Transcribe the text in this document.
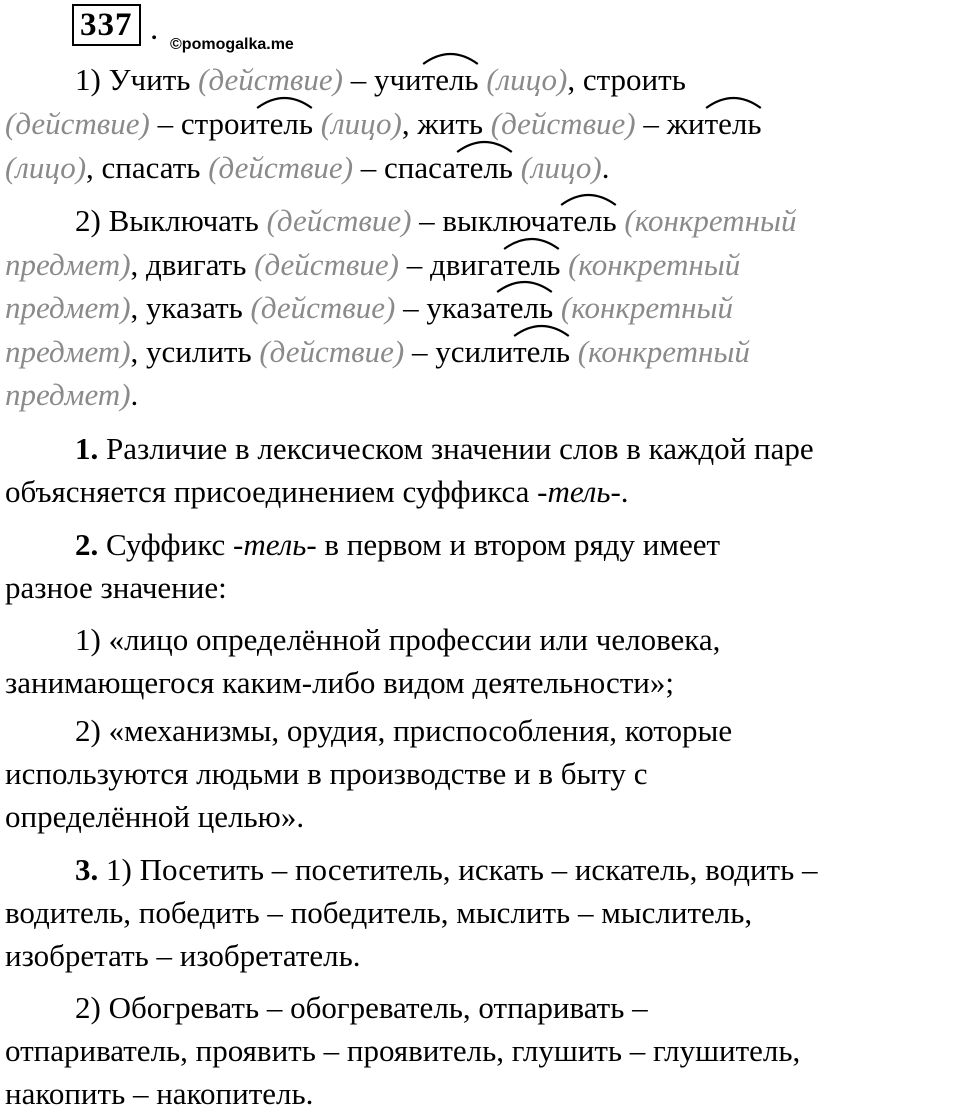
337 . ©pomogalka.me
1) Учить (действие) – учитель (лицо), строить
(действие) – строитель (лицо), жить (действие) – житель
(лицо), спасать (действие) – спасатель (лицо).
2) Выключать (действие) – выключатель (конкретный
предмет), двигать (действие) – двигатель (конкретный
предмет), указать (действие) – указатель (конкретный
предмет), усилить (действие) – усилитель (конкретный
предмет).
1. Различие в лексическом значении слов в каждой паре
объясняется присоединением суффикса -тель-.
2. Суффикс -тель- в первом и втором ряду имеет
разное значение:
1) «лицо определённой профессии или человека,
занимающегося каким-либо видом деятельности»;
2) «механизмы, орудия, приспособления, которые
используются людьми в производстве и в быту с
определённой целью».
3. 1) Посетить – посетитель, искать – искатель, водить –
водитель, победить – победитель, мыслить – мыслитель,
изобретать – изобретатель.
2) Обогревать – обогреватель, отпаривать –
отпариватель, проявить – проявитель, глушить – глушитель,
накопить – накопитель.
